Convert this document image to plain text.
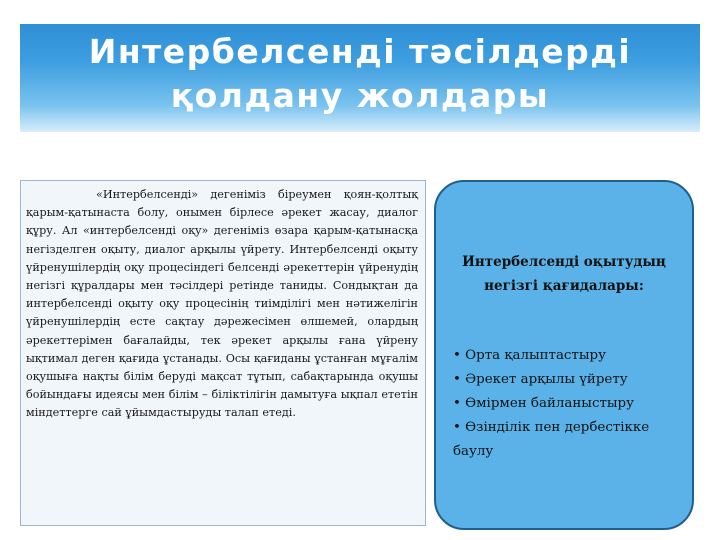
Интербелсенді тәсілдерді қолдану жолдары

«Интербелсенді» дегеніміз біреумен қоян-қолтық қарым-қатынаста болу, онымен бірлесе әрекет жасау, диалог құру. Ал «интербелсенді оқу» дегеніміз өзара қарым-қатынасқа негізделген оқыту, диалог арқылы үйрету. Интербелсенді оқыту үйренушілердің оқу процесіндегі белсенді әрекеттерін үйренудің негізгі құралдары мен тәсілдері ретінде таниды. Сондықтан да интербелсенді оқыту оқу процесінің тиімділігі мен нәтижелігін үйренушілердің есте сақтау дәрежесімен өлшемей, олардың әрекеттерімен бағалайды, тек әрекет арқылы ғана үйрену ықтимал деген қағида ұстанады. Осы қағиданы ұстанған мұғалім оқушыға нақты білім беруді мақсат тұтып, сабақтарында оқушы бойындағы идеясы мен білім – біліктілігін дамытуға ықпал ететін міндеттерге сай ұйымдастыруды талап етеді.

Интербелсенді оқытудың негізгі қағидалары:
• Орта қалыптастыру
• Әрекет арқылы үйрету
• Өмірмен байланыстыру
• Өзінділік пен дербестікке баулу
